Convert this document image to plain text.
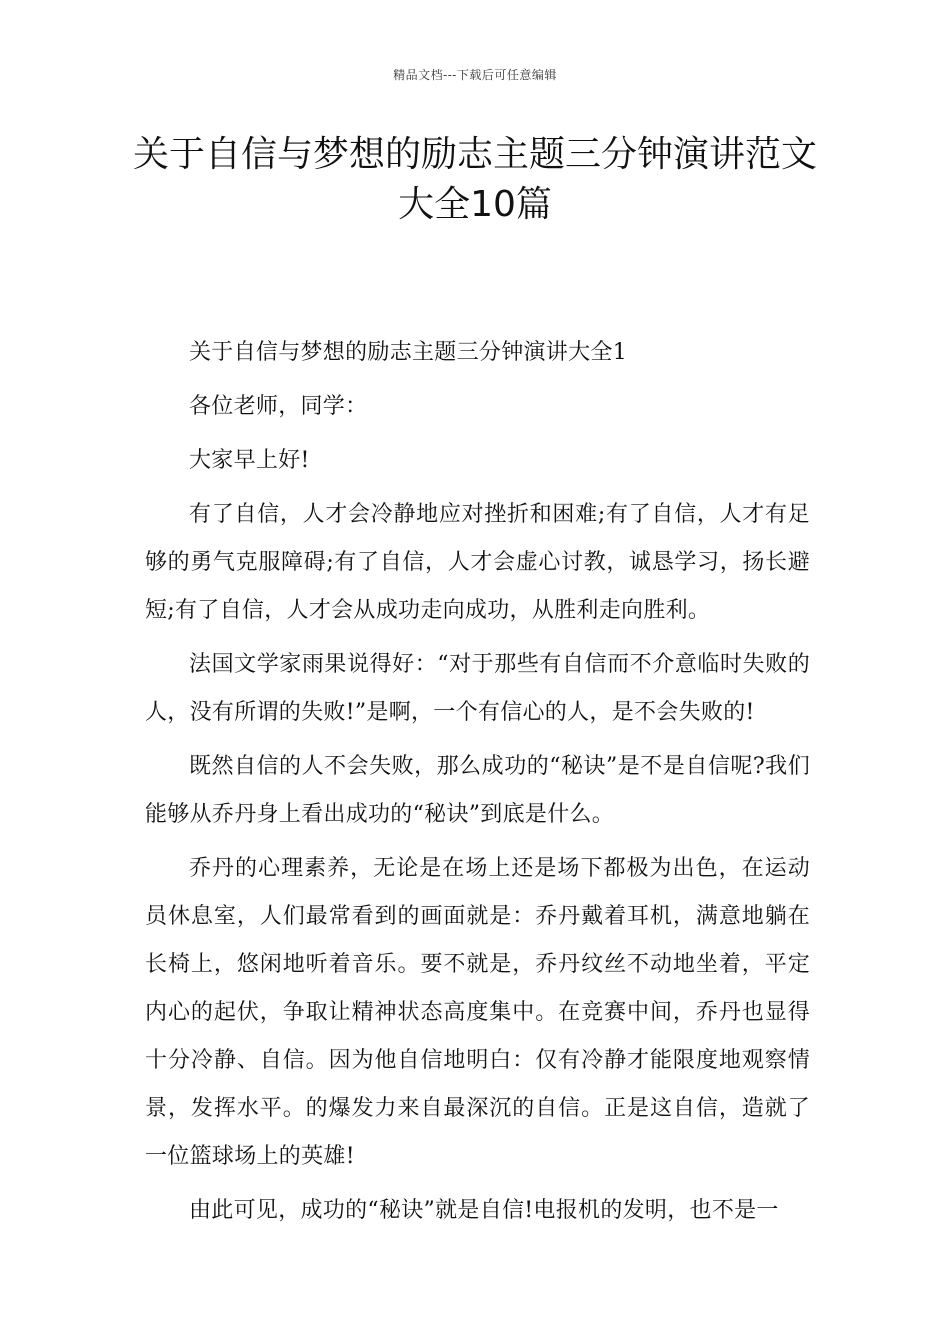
精品文档---下载后可任意编辑
关于自信与梦想的励志主题三分钟演讲范文大全10篇

关于自信与梦想的励志主题三分钟演讲大全1

各位老师，同学：

大家早上好!

有了自信，人才会冷静地应对挫折和困难;有了自信，人才有足够的勇气克服障碍;有了自信，人才会虚心讨教，诚恳学习，扬长避短;有了自信，人才会从成功走向成功，从胜利走向胜利。

法国文学家雨果说得好：“对于那些有自信而不介意临时失败的人，没有所谓的失败!”是啊，一个有信心的人，是不会失败的!

既然自信的人不会失败，那么成功的“秘诀”是不是自信呢?我们能够从乔丹身上看出成功的“秘诀”到底是什么。

乔丹的心理素养，无论是在场上还是场下都极为出色，在运动员休息室，人们最常看到的画面就是：乔丹戴着耳机，满意地躺在长椅上，悠闲地听着音乐。要不就是，乔丹纹丝不动地坐着，平定内心的起伏，争取让精神状态高度集中。在竞赛中间，乔丹也显得十分冷静、自信。因为他自信地明白：仅有冷静才能限度地观察情景，发挥水平。的爆发力来自最深沉的自信。正是这自信，造就了一位篮球场上的英雄!

由此可见，成功的“秘诀”就是自信!电报机的发明，也不是一
